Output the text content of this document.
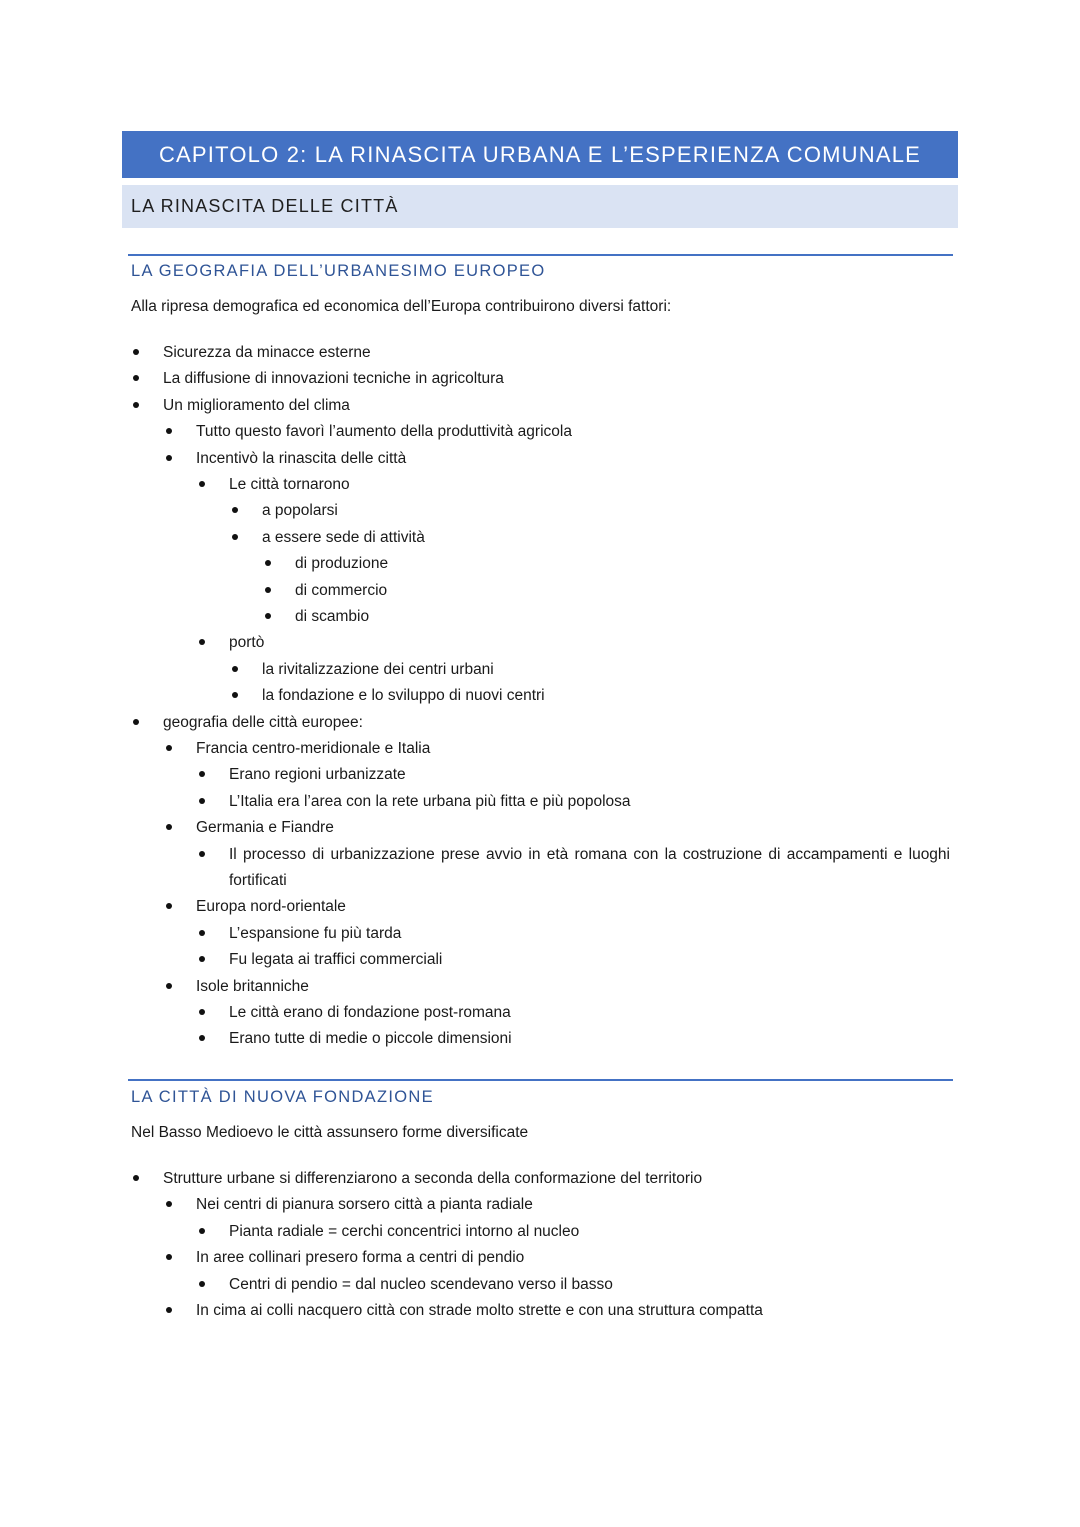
CAPITOLO 2: LA RINASCITA URBANA E L’ESPERIENZA COMUNALE
LA RINASCITA DELLE CITTÀ
LA GEOGRAFIA DELL’URBANESIMO EUROPEO
Alla ripresa demografica ed economica dell’Europa contribuirono diversi fattori:
Sicurezza da minacce esterne
La diffusione di innovazioni tecniche in agricoltura
Un miglioramento del clima
Tutto questo favorì l’aumento della produttività agricola
Incentivò la rinascita delle città
Le città tornarono
a popolarsi
a essere sede di attività
di produzione
di commercio
di scambio
portò
la rivitalizzazione dei centri urbani
la fondazione e lo sviluppo di nuovi centri
geografia delle città europee:
Francia centro-meridionale e Italia
Erano regioni urbanizzate
L’Italia era l’area con la rete urbana più fitta e più popolosa
Germania e Fiandre
Il processo di urbanizzazione prese avvio in età romana con la costruzione di accampamenti e luoghi fortificati
Europa nord-orientale
L’espansione fu più tarda
Fu legata ai traffici commerciali
Isole britanniche
Le città erano di fondazione post-romana
Erano tutte di medie o piccole dimensioni
LA CITTÀ DI NUOVA FONDAZIONE
Nel Basso Medioevo le città assunsero forme diversificate
Strutture urbane si differenziarono a seconda della conformazione del territorio
Nei centri di pianura sorsero città a pianta radiale
Pianta radiale = cerchi concentrici intorno al nucleo
In aree collinari presero forma a centri di pendio
Centri di pendio = dal nucleo scendevano verso il basso
In cima ai colli nacquero città con strade molto strette e con una struttura compatta
